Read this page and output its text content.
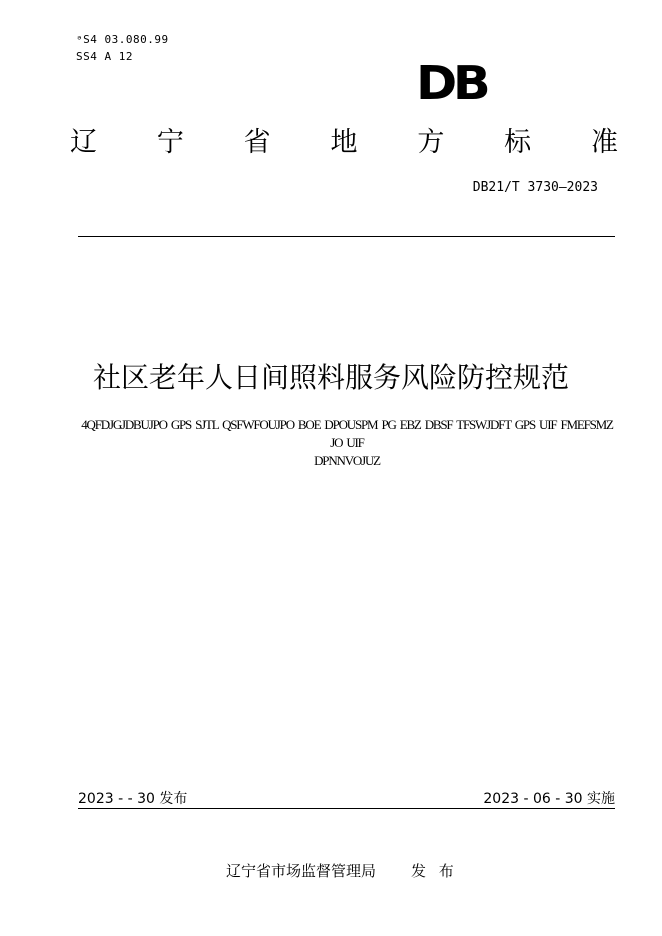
ᵊS4 03.080.99
SS4 A 12	DB
辽 宁 省 地 方 标 准
DB21/T 3730—2023
社区老年人日间照料服务风险防控规范
4QFDJGJDBUJPO GPS SJTL QSFWFOUJPO BOE DPOUSPM PG EBZ DBSF TFSWJDFT GPS UIF FMEFSMZ JO UIF
DPNNVOJUZ
2023 - - 30 发布	2023 - 06 - 30 实施
辽宁省市场监督管理局 发 布
